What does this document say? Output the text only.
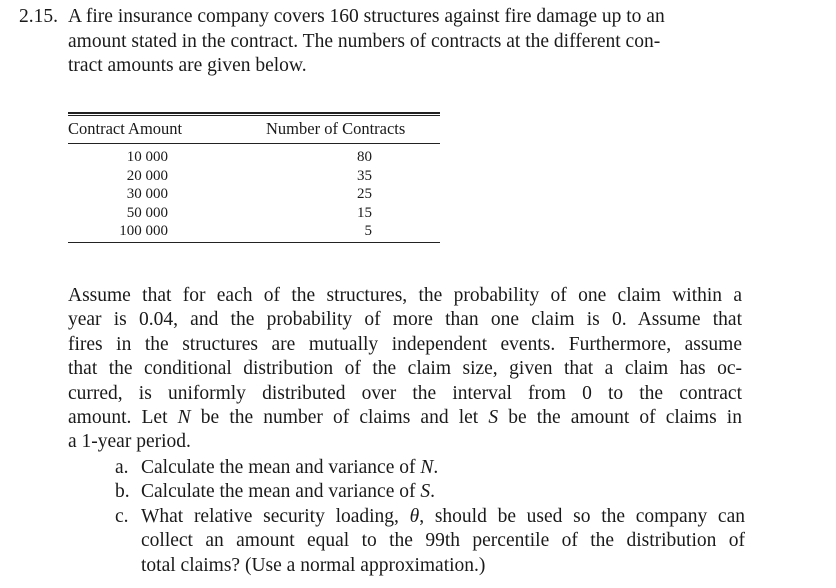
2.15. A fire insurance company covers 160 structures against fire damage up to an
amount stated in the contract. The numbers of contracts at the different con-
tract amounts are given below.
Contract Amount	Number of Contracts
10 000
20 000
30 000
50 000
100 000
80
35
25
15
5
Assume that for each of the structures, the probability of one claim within a
year is 0.04, and the probability of more than one claim is 0. Assume that
fires in the structures are mutually independent events. Furthermore, assume
that the conditional distribution of the claim size, given that a claim has oc-
curred, is uniformly distributed over the interval from 0 to the contract
amount. Let N be the number of claims and let S be the amount of claims in
a 1-year period.
a. Calculate the mean and variance of N.
b. Calculate the mean and variance of S.
c. What relative security loading, θ, should be used so the company can
collect an amount equal to the 99th percentile of the distribution of
total claims? (Use a normal approximation.)
